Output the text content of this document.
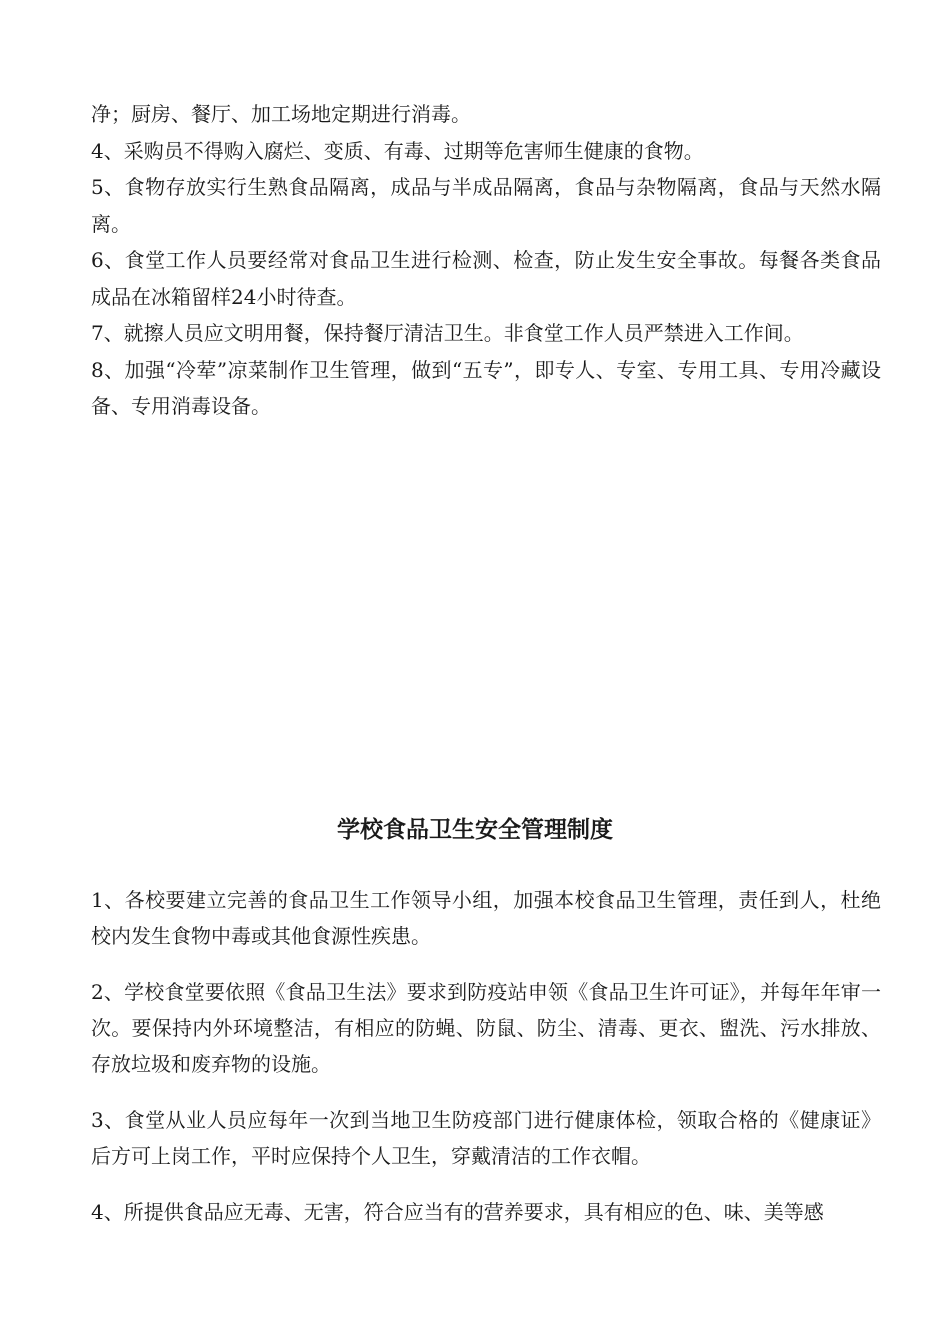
净；厨房、餐厅、加工场地定期进行消毒。

4、采购员不得购入腐烂、变质、有毒、过期等危害师生健康的食物。

5、食物存放实行生熟食品隔离，成品与半成品隔离，食品与杂物隔离，食品与天然水隔离。

6、食堂工作人员要经常对食品卫生进行检测、检查，防止发生安全事故。每餐各类食品成品在冰箱留样24小时待查。

7、就擦人员应文明用餐，保持餐厅清洁卫生。非食堂工作人员严禁进入工作间。

8、加强“冷荤”凉菜制作卫生管理，做到“五专”，即专人、专室、专用工具、专用冷藏设备、专用消毒设备。

学校食品卫生安全管理制度

1、各校要建立完善的食品卫生工作领导小组，加强本校食品卫生管理，责任到人，杜绝校内发生食物中毒或其他食源性疾患。

2、学校食堂要依照《食品卫生法》要求到防疫站申领《食品卫生许可证》，并每年年审一次。要保持内外环境整洁，有相应的防蝇、防鼠、防尘、清毒、更衣、盥洗、污水排放、存放垃圾和废弃物的设施。

3、食堂从业人员应每年一次到当地卫生防疫部门进行健康体检，领取合格的《健康证》后方可上岗工作，平时应保持个人卫生，穿戴清洁的工作衣帽。

4、所提供食品应无毒、无害，符合应当有的营养要求，具有相应的色、味、美等感
